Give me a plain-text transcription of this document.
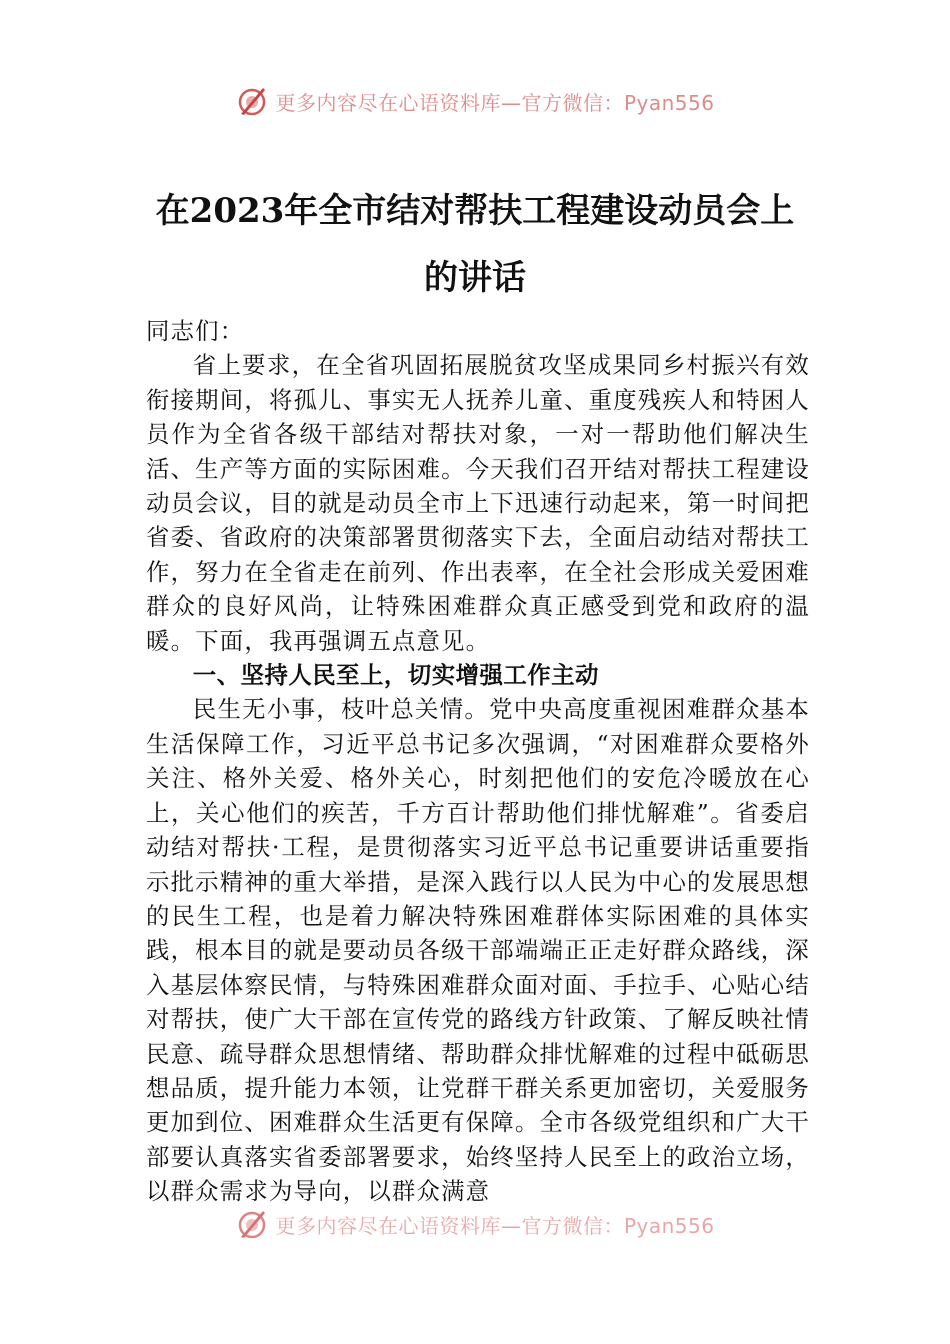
更多内容尽在心语资料库—官方微信：Pyan556
在2023年全市结对帮扶工程建设动员会上
的讲话

同志们：

省上要求，在全省巩固拓展脱贫攻坚成果同乡村振兴有效衔接期间，将孤儿、事实无人抚养儿童、重度残疾人和特困人员作为全省各级干部结对帮扶对象，一对一帮助他们解决生活、生产等方面的实际困难。今天我们召开结对帮扶工程建设动员会议，目的就是动员全市上下迅速行动起来，第一时间把省委、省政府的决策部署贯彻落实下去，全面启动结对帮扶工作，努力在全省走在前列、作出表率，在全社会形成关爱困难群众的良好风尚，让特殊困难群众真正感受到党和政府的温暖。下面，我再强调五点意见。

一、坚持人民至上，切实增强工作主动

民生无小事，枝叶总关情。党中央高度重视困难群众基本生活保障工作，习近平总书记多次强调，“对困难群众要格外关注、格外关爱、格外关心，时刻把他们的安危冷暖放在心上，关心他们的疾苦，千方百计帮助他们排忧解难”。省委启动结对帮扶·工程，是贯彻落实习近平总书记重要讲话重要指示批示精神的重大举措，是深入践行以人民为中心的发展思想的民生工程，也是着力解决特殊困难群体实际困难的具体实践，根本目的就是要动员各级干部端端正正走好群众路线，深入基层体察民情，与特殊困难群众面对面、手拉手、心贴心结对帮扶，使广大干部在宣传党的路线方针政策、了解反映社情民意、疏导群众思想情绪、帮助群众排忧解难的过程中砥砺思想品质，提升能力本领，让党群干群关系更加密切，关爱服务更加到位、困难群众生活更有保障。全市各级党组织和广大干部要认真落实省委部署要求，始终坚持人民至上的政治立场，以群众需求为导向，以群众满意

更多内容尽在心语资料库—官方微信：Pyan556
